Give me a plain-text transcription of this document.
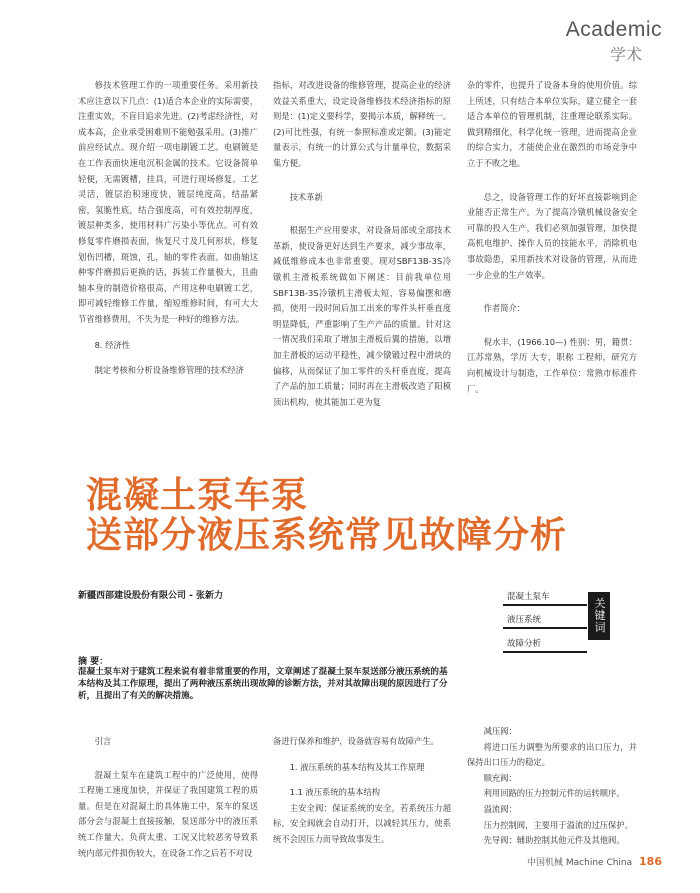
Academic
学术

修技术管理工作的一项重要任务。采用新技术应注意以下几点：(1)适合本企业的实际需要，注重实效，不盲目追求先进。(2)考虑经济性，对成本高，企业承受困难则不能勉强采用。(3)推广前应经试点。现介绍一项电刷镀工艺。电刷镀是在工作表面快速电沉积金属的技术。它设备简单轻便，无需镀槽，挂具，可进行现场修复。工艺灵活，镀层治积速度快，镀层纯度高，结晶紧密，氢脆性底，结合强度高，可有效控制厚度，镀层种类多，使用材料广污染小等优点。可有效修复零件磨损表面，恢复尺寸及几何形状，修复划伤凹槽，斑蚀，孔，轴的零件表面。如曲轴这种零件磨损后更换的话，拆装工作量极大，且曲轴本身的制造价格很高，产用这种电刷镀工艺，即可减轻维修工作量，缩短维修时间，有可大大节省维修费用，不失为是一种好的维修方法。

8. 经济性

制定考核和分析设备维修管理的技术经济

指标，对改进设备的维修管理，提高企业的经济效益关系重大，设定设备维修技术经济指标的原则是：(1)定义要科学，要揭示本质，解释统一。(2)可比性强，有统一参照标准或定额。(3)能定量表示，有统一的计算公式与计量单位，数据采集方便。

技术革新

根据生产应用要求，对设备局部或全部技术革新，使设备更好达到生产要求，减少事故率，减低维修成本也非常重要。现对SBF13B-3S冷镦机主滑板系统做如下阐述：目前我单位用SBF13B-3S冷镦机主滑板太短，容易偏摆和磨损，使用一段时间后加工出来的零件头杆垂直度明显降低，严重影响了生产产品的质量。针对这一情况我们采取了增加主滑板后翼的措施，以增加主滑板的运动平稳性，减少镦锻过程中滑块的偏移，从而保证了加工零件的头杆垂直度，提高了产品的加工质量；同时再在主滑板改造了阳模顶出机构，使其能加工更为复

杂的零件，也提升了设备本身的使用价值。综上所述，只有结合本单位实际，建立健全一套适合本单位的管理机制，注重理论联系实际。做到精细化，科学化统一管理，进而提高企业的综合实力，才能使企业在激烈的市场竞争中立于不败之地。

总之，设备管理工作的好坏直接影响到企业能否正常生产。为了提高冷镦机械设备安全可靠的投入生产，我们必须加强管理，加快提高机电维护、操作人员的技能水平，消除机电事故隐患，采用新技术对设备的管理，从而进一步企业的生产效率。

作者简介：

倪水丰，(1966.10—) 性别：男，籍贯：江苏常熟，学历 大专，职称 工程师，研究方向机械设计与制造，工作单位：常熟市标准件厂。

混凝土泵车泵
送部分液压系统常见故障分析
新疆西部建设股份有限公司 - 张新力	混凝土泵车
液压系统
故障分析
关键词
摘 要：
混凝土泵车对于建筑工程来说有着非常重要的作用，文章阐述了混凝土泵车泵送部分液压系统的基本结构及其工作原理，提出了两种液压系统出现故障的诊断方法，并对其故障出现的原因进行了分析，且提出了有关的解决措施。

引言

混凝土泵车在建筑工程中的广泛使用，使得工程施工速度加快，并保证了我国建筑工程的质量。但是在对混凝土的具体施工中，泵车的泵送部分会与混凝土直接接触，泵送部分中的液压系统工作量大、负荷太重、工况又比较恶劣导致系统内部元件损伤较大，在设备工作之后若不对设

备进行保养和维护，设备就容易有故障产生。

1. 液压系统的基本结构及其工作原理

1.1 液压系统的基本结构

主安全阀：保证系统的安全，若系统压力超标，安全阀就会自动打开，以减轻其压力，使系统不会因压力而导致故事发生。

减压阀：

将进口压力调整为所要求的出口压力，并保持出口压力的稳定。

顺充阀：

利用回路的压力控制元件的运转顺序。

溢流阀：

压力控制阀，主要用于溢流的过压保护。

先导阀：辅助控制其他元件及其他阀。

中国机械 Machine China 186
